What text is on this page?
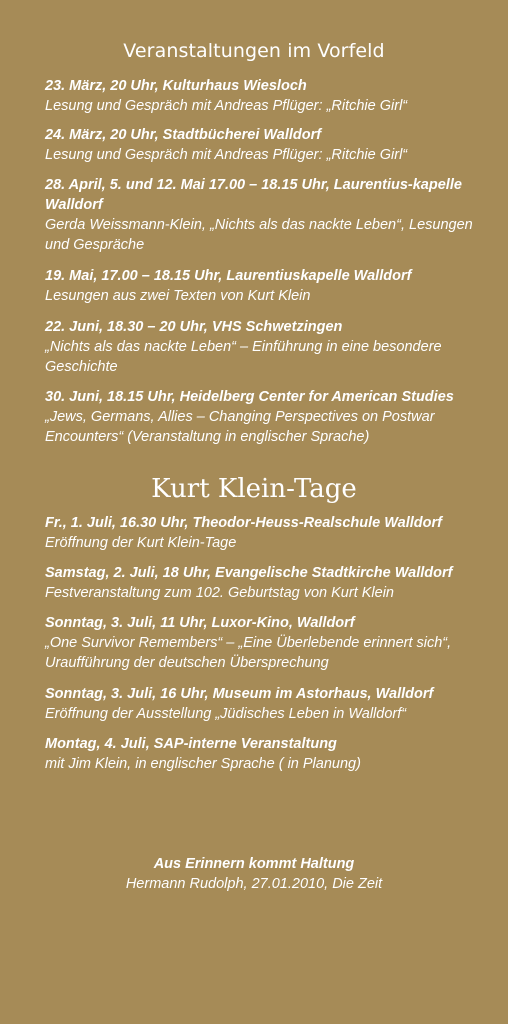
Veranstaltungen im Vorfeld
23. März, 20 Uhr, Kulturhaus Wiesloch
Lesung und Gespräch mit Andreas Pflüger: „Ritchie Girl“
24. März, 20 Uhr, Stadtbücherei Walldorf
Lesung und Gespräch mit Andreas Pflüger: „Ritchie Girl“
28. April, 5. und 12. Mai 17.00 – 18.15 Uhr, Laurentius-kapelle Walldorf
Gerda Weissmann-Klein, „Nichts als das nackte Leben“, Lesungen und Gespräche
19. Mai, 17.00 – 18.15 Uhr, Laurentiuskapelle Walldorf
Lesungen aus zwei Texten von Kurt Klein
22. Juni, 18.30 – 20 Uhr, VHS Schwetzingen
„Nichts als das nackte Leben“ – Einführung in eine besondere Geschichte
30. Juni, 18.15 Uhr, Heidelberg Center for American Studies
„Jews, Germans, Allies – Changing Perspectives on Postwar Encounters“ (Veranstaltung in englischer Sprache)
Kurt Klein-Tage
Fr., 1. Juli, 16.30 Uhr, Theodor-Heuss-Realschule Walldorf
Eröffnung der Kurt Klein-Tage
Samstag, 2. Juli, 18 Uhr, Evangelische Stadtkirche Walldorf
Festveranstaltung zum 102. Geburtstag von Kurt Klein
Sonntag, 3. Juli, 11 Uhr, Luxor-Kino, Walldorf
„One Survivor Remembers“ – „Eine Überlebende erinnert sich“, Uraufführung der deutschen Übersprechung
Sonntag, 3. Juli, 16 Uhr, Museum im Astorhaus, Walldorf
Eröffnung der Ausstellung „Jüdisches Leben in Walldorf“
Montag, 4. Juli, SAP-interne Veranstaltung
mit Jim Klein, in englischer Sprache ( in Planung)
Aus Erinnern kommt Haltung
Hermann Rudolph, 27.01.2010, Die Zeit
